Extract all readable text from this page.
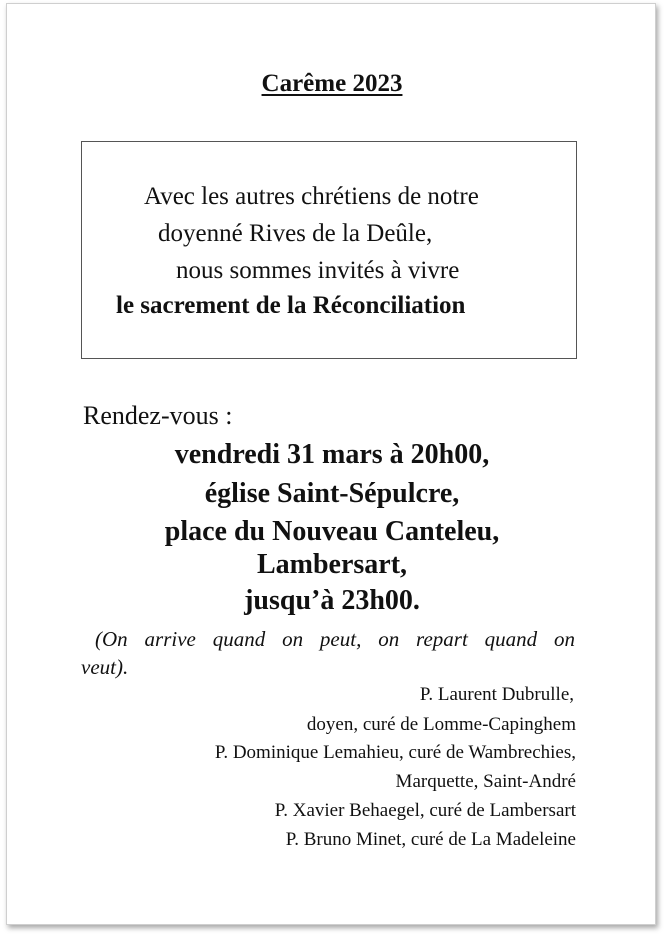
Carême 2023
Avec les autres chrétiens de notre
doyenné Rives de la Deûle,
nous sommes invités à vivre
le sacrement de la Réconciliation
Rendez-vous :
vendredi 31 mars à 20h00,
église Saint-Sépulcre,
place du Nouveau Canteleu,
Lambersart,
jusqu’à 23h00.
(On arrive quand on peut, on repart quand on
veut).
P. Laurent Dubrulle,
doyen, curé de Lomme-Capinghem
P. Dominique Lemahieu, curé de Wambrechies,
Marquette, Saint-André
P. Xavier Behaegel, curé de Lambersart
P. Bruno Minet, curé de La Madeleine
